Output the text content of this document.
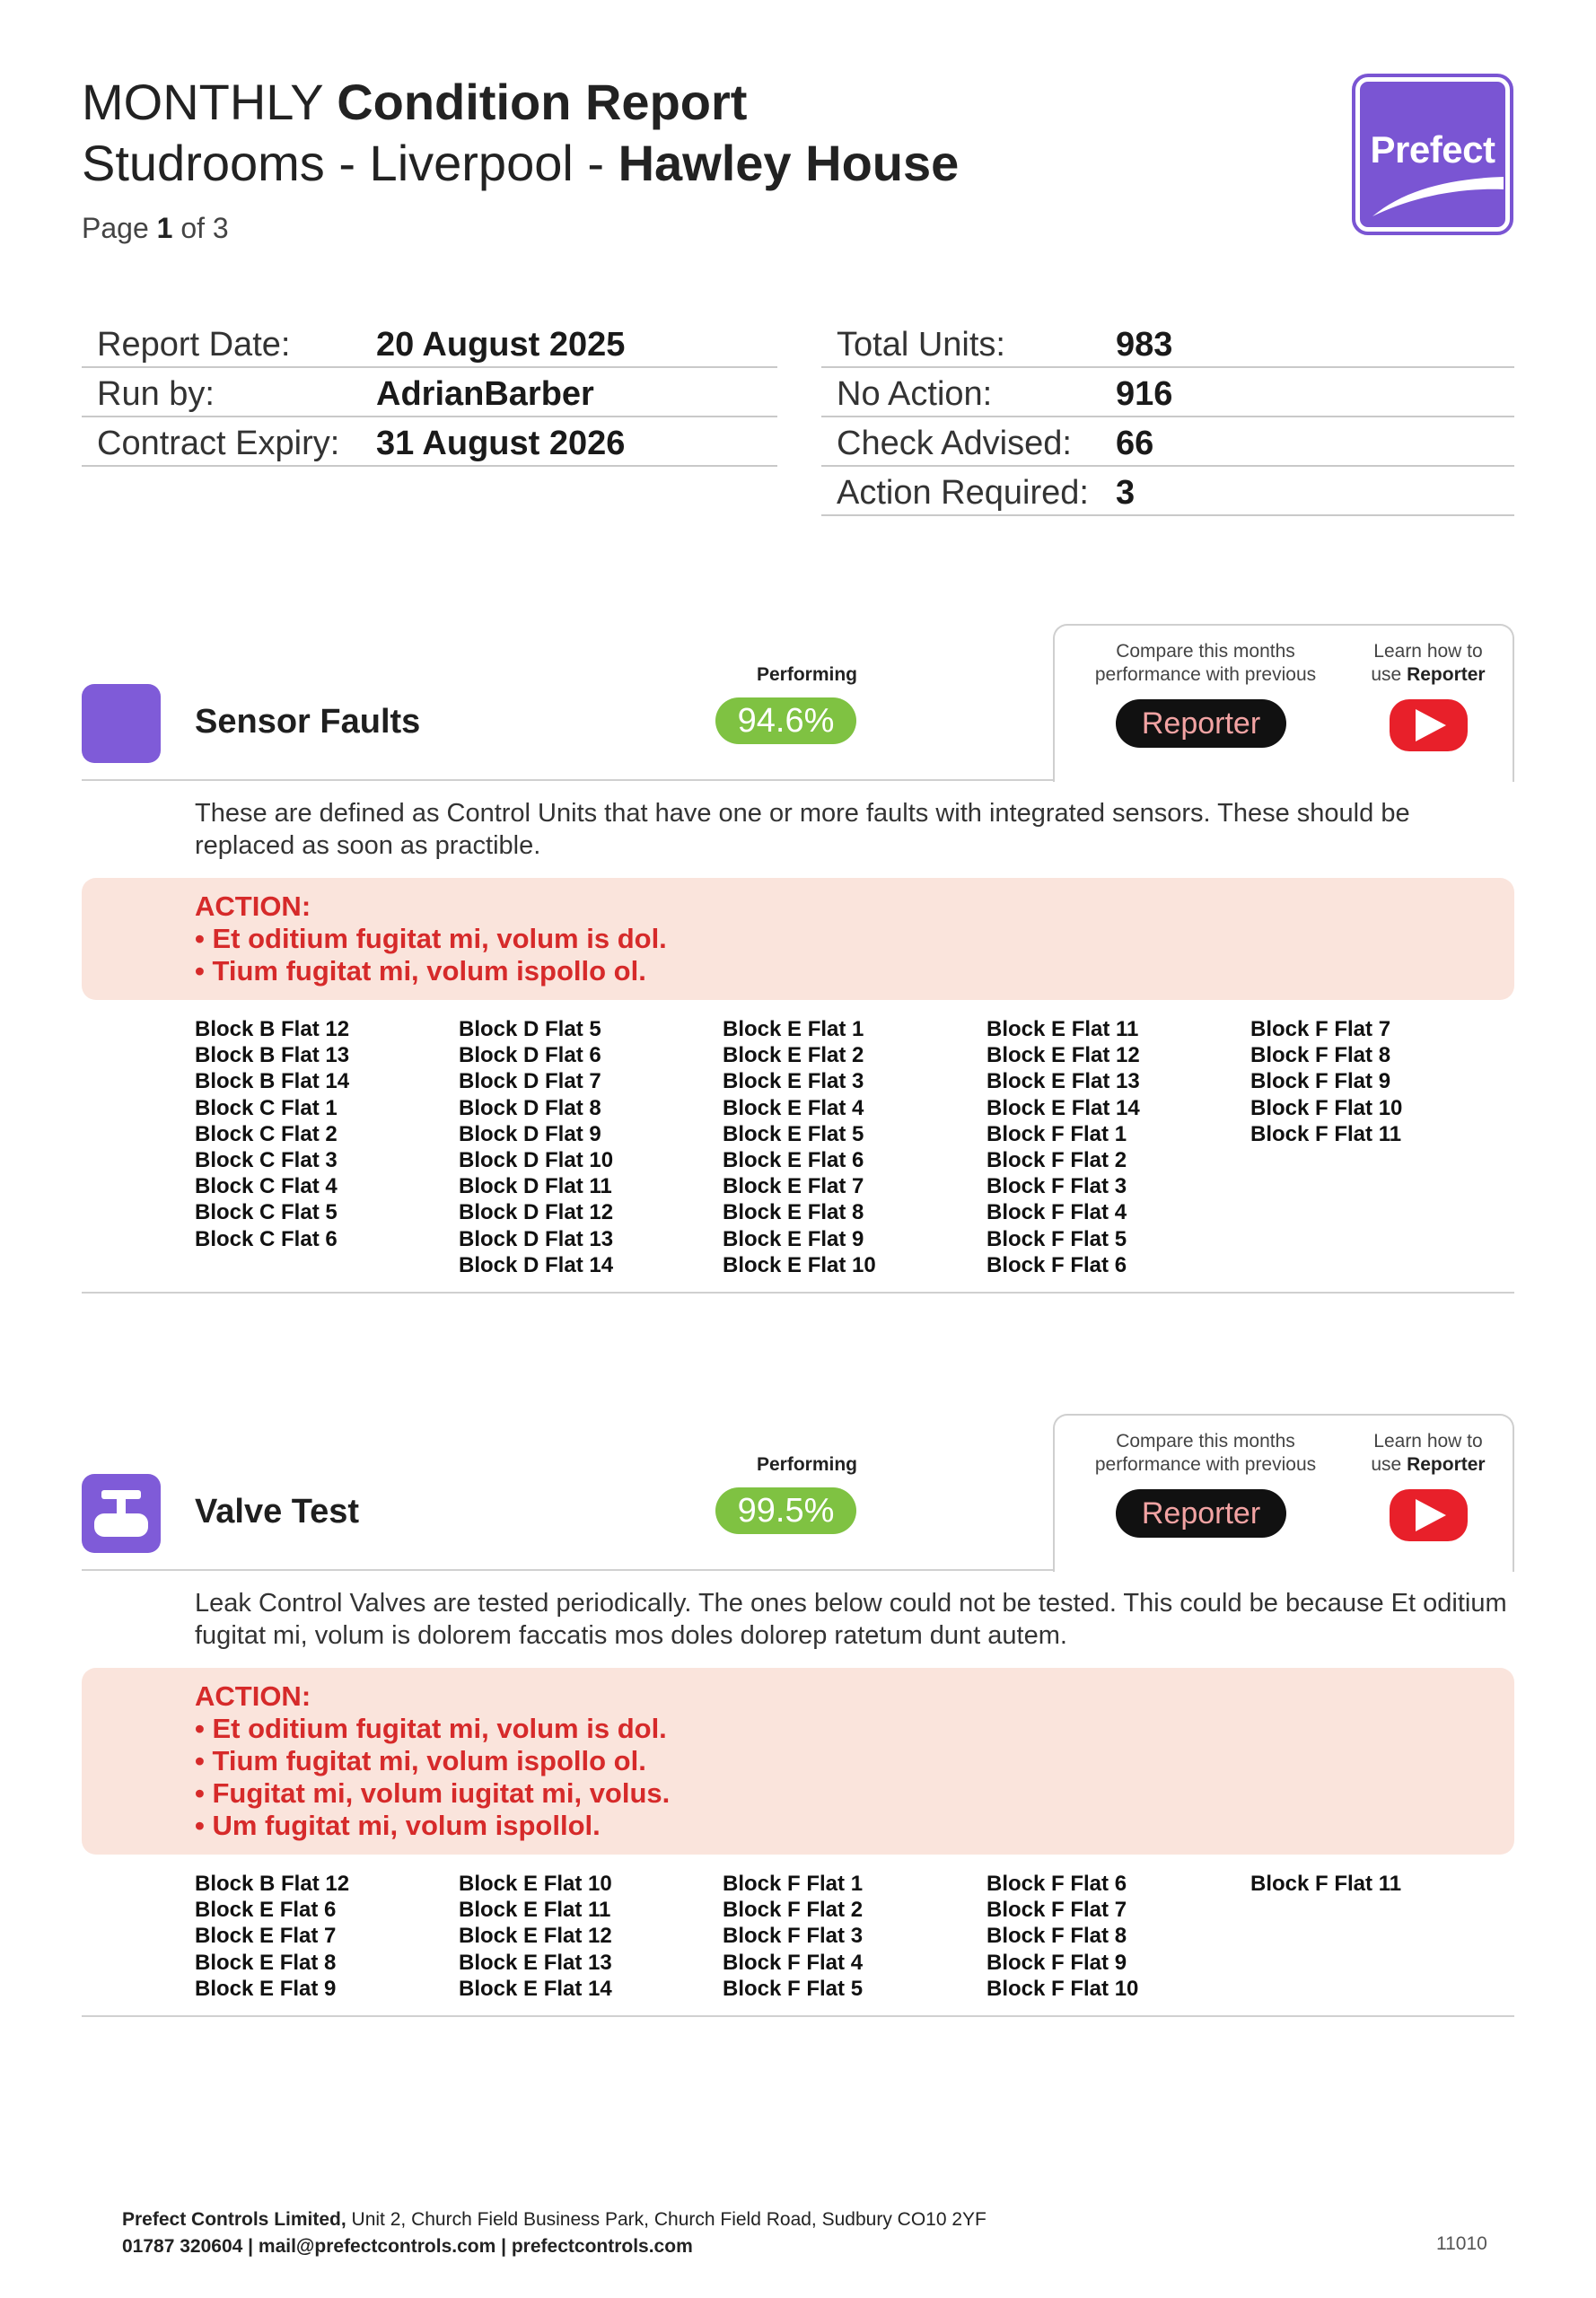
MONTHLY Condition Report
Studrooms - Liverpool - Hawley House
Page 1 of 3
Prefect
Report Date:	20 August 2025
Run by:	AdrianBarber
Contract Expiry:	31 August 2026
Total Units:	983
No Action:	916
Check Advised:	66
Action Required: 3
Sensor Faults
Performing
94.6%
Compare this months performance with previous
Reporter
Learn how to use Reporter
These are defined as Control Units that have one or more faults with integrated sensors. These should be replaced as soon as practible.
ACTION:
• Et oditium fugitat mi, volum is dol.
• Tium fugitat mi, volum ispollo ol.
Block B Flat 12
Block B Flat 13
Block B Flat 14
Block C Flat 1
Block C Flat 2
Block C Flat 3
Block C Flat 4
Block C Flat 5
Block C Flat 6
Block D Flat 5
Block D Flat 6
Block D Flat 7
Block D Flat 8
Block D Flat 9
Block D Flat 10
Block D Flat 11
Block D Flat 12
Block D Flat 13
Block D Flat 14
Block E Flat 1
Block E Flat 2
Block E Flat 3
Block E Flat 4
Block E Flat 5
Block E Flat 6
Block E Flat 7
Block E Flat 8
Block E Flat 9
Block E Flat 10
Block E Flat 11
Block E Flat 12
Block E Flat 13
Block E Flat 14
Block F Flat 1
Block F Flat 2
Block F Flat 3
Block F Flat 4
Block F Flat 5
Block F Flat 6
Block F Flat 7
Block F Flat 8
Block F Flat 9
Block F Flat 10
Block F Flat 11
Valve Test
Performing
99.5%
Compare this months performance with previous
Reporter
Learn how to use Reporter
Leak Control Valves are tested periodically. The ones below could not be tested. This could be because Et oditium fugitat mi, volum is dolorem faccatis mos doles dolorep ratetum dunt autem.
ACTION:
• Et oditium fugitat mi, volum is dol.
• Tium fugitat mi, volum ispollo ol.
• Fugitat mi, volum iugitat mi, volus.
• Um fugitat mi, volum ispollol.
Block B Flat 12
Block E Flat 6
Block E Flat 7
Block E Flat 8
Block E Flat 9
Block E Flat 10
Block E Flat 11
Block E Flat 12
Block E Flat 13
Block E Flat 14
Block F Flat 1
Block F Flat 2
Block F Flat 3
Block F Flat 4
Block F Flat 5
Block F Flat 6
Block F Flat 7
Block F Flat 8
Block F Flat 9
Block F Flat 10
Block F Flat 11
Prefect Controls Limited, Unit 2, Church Field Business Park, Church Field Road, Sudbury CO10 2YF
01787 320604 | mail@prefectcontrols.com | prefectcontrols.com	11010
